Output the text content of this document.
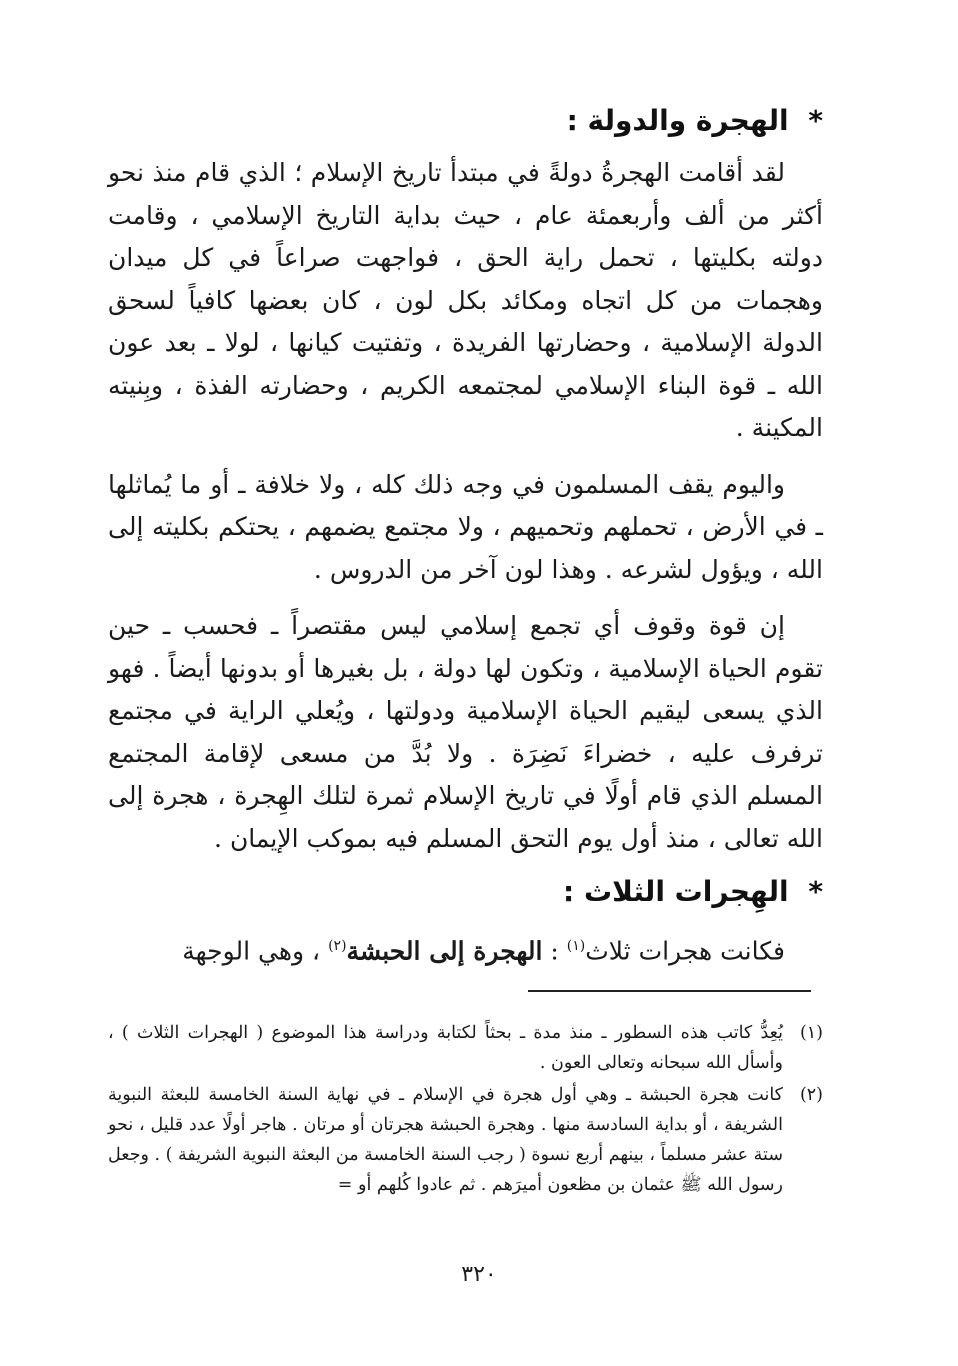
* الهجرة والدولة :

لقد أقامت الهجرةُ دولةً في مبتدأ تاريخ الإسلام ؛ الذي قام منذ نحو أكثر من ألف وأربعمئة عام ، حيث بداية التاريخ الإسلامي ، وقامت دولته بكليتها ، تحمل راية الحق ، فواجهت صراعاً في كل ميدان وهجمات من كل اتجاه ومكائد بكل لون ، كان بعضها كافياً لسحق الدولة الإسلامية ، وحضارتها الفريدة ، وتفتيت كيانها ، لولا ـ بعد عون الله ـ قوة البناء الإسلامي لمجتمعه الكريم ، وحضارته الفذة ، وبِنيته المكينة .

واليوم يقف المسلمون في وجه ذلك كله ، ولا خلافة ـ أو ما يُماثلها ـ في الأرض ، تحملهم وتحميهم ، ولا مجتمع يضمهم ، يحتكم بكليته إلى الله ، ويؤول لشرعه . وهذا لون آخر من الدروس .

إن قوة وقوف أي تجمع إسلامي ليس مقتصراً ـ فحسب ـ حين تقوم الحياة الإسلامية ، وتكون لها دولة ، بل بغيرها أو بدونها أيضاً . فهو الذي يسعى ليقيم الحياة الإسلامية ودولتها ، ويُعلي الراية في مجتمع ترفرف عليه ، خضراءَ نَضِرَة . ولا بُدَّ من مسعى لإقامة المجتمع المسلم الذي قام أولًا في تاريخ الإسلام ثمرة لتلك الهِجرة ، هجرة إلى الله تعالى ، منذ أول يوم التحق المسلم فيه بموكب الإيمان .

* الهِجرات الثلاث :
فكانت هجرات ثلاث$^{(١)}$ : الهجرة إلى الحبشة$^{(٢)}$ ، وهي الوجهة
(١)
يُعِدُّ كاتب هذه السطور ـ منذ مدة ـ بحثاً لكتابة ودراسة هذا الموضوع ( الهجرات الثلاث ) ، وأسأل الله سبحانه وتعالى العون .
(٢)
كانت هجرة الحبشة ـ وهي أول هجرة في الإسلام ـ في نهاية السنة الخامسة للبعثة النبوية الشريفة ، أو بداية السادسة منها . وهجرة الحبشة هجرتان أو مرتان . هاجر أولًا عدد قليل ، نحو ستة عشر مسلماً ، بينهم أربع نسوة ( رجب السنة الخامسة من البعثة النبوية الشريفة ) . وجعل رسول الله ﷺ عثمان بن مظعون أميرَهم . ثم عادوا كُلهم أو =
٣٢٠
